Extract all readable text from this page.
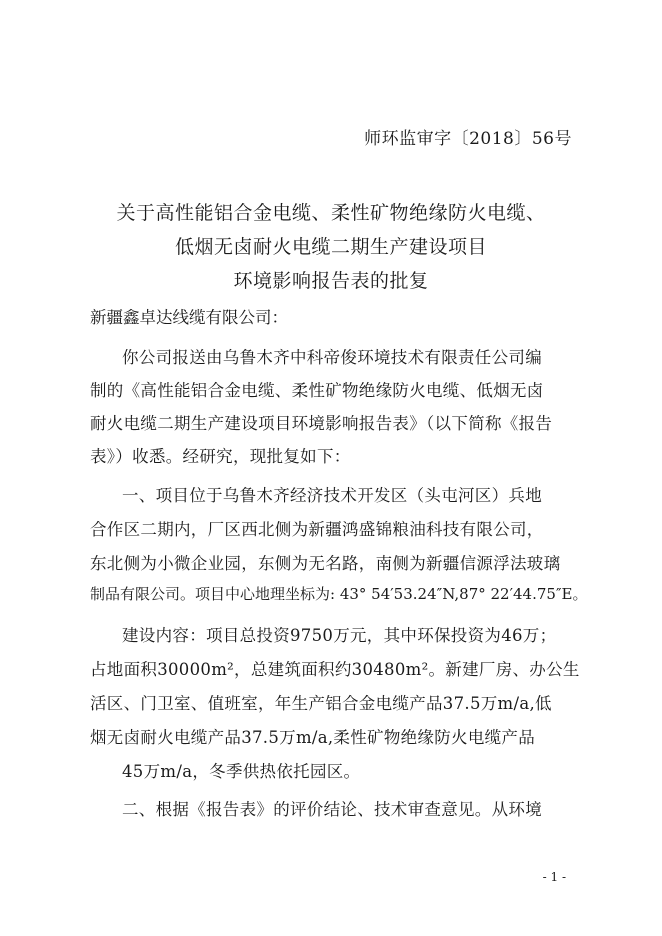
师环监审字〔2018〕56号
关于高性能铝合金电缆、柔性矿物绝缘防火电缆、
低烟无卤耐火电缆二期生产建设项目
环境影响报告表的批复
新疆鑫卓达线缆有限公司：
你公司报送由乌鲁木齐中科帝俊环境技术有限责任公司编
制的《高性能铝合金电缆、柔性矿物绝缘防火电缆、低烟无卤
耐火电缆二期生产建设项目环境影响报告表》（以下简称《报告
表》）收悉。经研究，现批复如下：
一、项目位于乌鲁木齐经济技术开发区（头屯河区）兵地
合作区二期内，厂区西北侧为新疆鸿盛锦粮油科技有限公司，
东北侧为小微企业园，东侧为无名路，南侧为新疆信源浮法玻璃
制品有限公司。项目中心地理坐标为: 43° 54′53.24″N,87° 22′44.75″E。
建设内容：项目总投资9750万元，其中环保投资为46万；
占地面积30000m²，总建筑面积约30480m²。新建厂房、办公生
活区、门卫室、值班室，年生产铝合金电缆产品37.5万m/a,低
烟无卤耐火电缆产品37.5万m/a,柔性矿物绝缘防火电缆产品
45万m/a，冬季供热依托园区。
二、根据《报告表》的评价结论、技术审查意见。从环境
- 1 -
